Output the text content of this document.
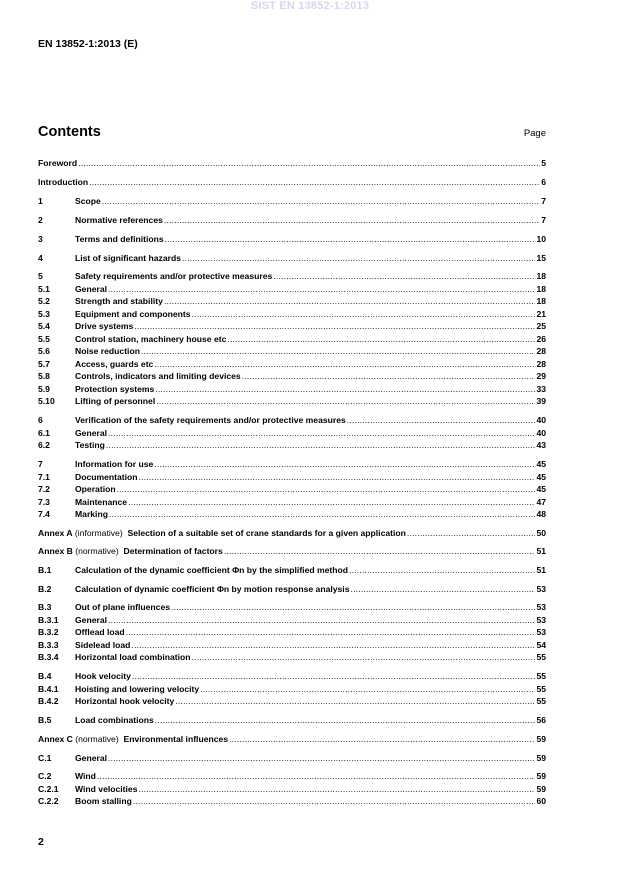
SIST EN 13852-1:2013
EN 13852-1:2013 (E)
Contents	Page
Foreword .....	5
Introduction .....	6
1	Scope .....	7
2	Normative references .....	7
3	Terms and definitions .....	10
4	List of significant hazards .....	15
5	Safety requirements and/or protective measures .....	18
5.1	General .....	18
5.2	Strength and stability .....	18
5.3	Equipment and components .....	21
5.4	Drive systems .....	25
5.5	Control station, machinery house etc .....	26
5.6	Noise reduction .....	28
5.7	Access, guards etc .....	28
5.8	Controls, indicators and limiting devices .....	29
5.9	Protection systems .....	33
5.10	Lifting of personnel .....	39
6	Verification of the safety requirements and/or protective measures .....	40
6.1	General .....	40
6.2	Testing .....	43
7	Information for use .....	45
7.1	Documentation .....	45
7.2	Operation .....	45
7.3	Maintenance .....	47
7.4	Marking .....	48
Annex A (informative)  Selection of a suitable set of crane standards for a given application .....	50
Annex B (normative)  Determination of factors .....	51
B.1	Calculation of the dynamic coefficient Φn by the simplified method .....	51
B.2	Calculation of dynamic coefficient Φn by motion response analysis .....	53
B.3	Out of plane influences .....	53
B.3.1	General .....	53
B.3.2	Offlead load .....	53
B.3.3	Sidelead load .....	54
B.3.4	Horizontal load combination .....	55
B.4	Hook velocity .....	55
B.4.1	Hoisting and lowering velocity .....	55
B.4.2	Horizontal hook velocity .....	55
B.5	Load combinations .....	56
Annex C (normative)  Environmental influences .....	59
C.1	General .....	59
C.2	Wind .....	59
C.2.1	Wind velocities .....	59
C.2.2	Boom stalling .....	60
2
